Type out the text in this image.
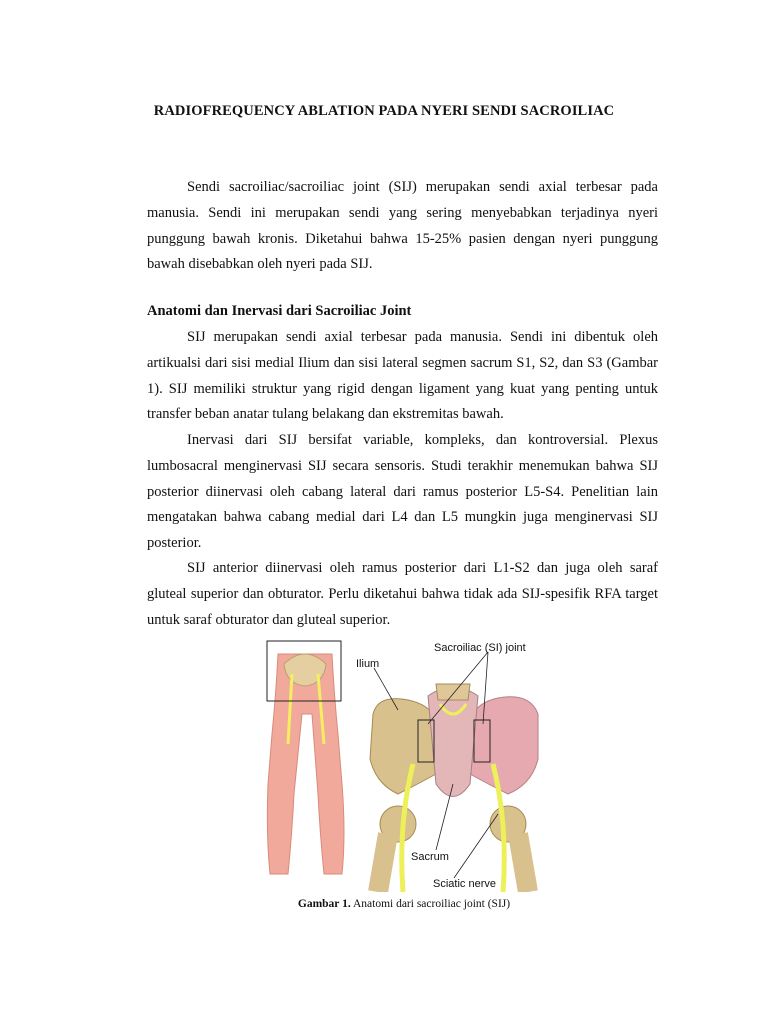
RADIOFREQUENCY ABLATION PADA NYERI SENDI SACROILIAC

Sendi sacroiliac/sacroiliac joint (SIJ) merupakan sendi axial terbesar pada manusia. Sendi ini merupakan sendi yang sering menyebabkan terjadinya nyeri punggung bawah kronis. Diketahui bahwa 15-25% pasien dengan nyeri punggung bawah disebabkan oleh nyeri pada SIJ.

Anatomi dan Inervasi dari Sacroiliac Joint

SIJ merupakan sendi axial terbesar pada manusia. Sendi ini dibentuk oleh artikualsi dari sisi medial Ilium dan sisi lateral segmen sacrum S1, S2, dan S3 (Gambar 1). SIJ memiliki struktur yang rigid dengan ligament yang kuat yang penting untuk transfer beban anatar tulang belakang dan ekstremitas bawah.

Inervasi dari SIJ bersifat variable, kompleks, dan kontroversial. Plexus lumbosacral menginervasi SIJ secara sensoris. Studi terakhir menemukan bahwa SIJ posterior diinervasi oleh cabang lateral dari ramus posterior L5-S4. Penelitian lain mengatakan bahwa cabang medial dari L4 dan L5 mungkin juga menginervasi SIJ posterior.

SIJ anterior diinervasi oleh ramus posterior dari L1-S2 dan juga oleh saraf gluteal superior dan obturator. Perlu diketahui bahwa tidak ada SIJ-spesifik RFA target untuk saraf obturator dan gluteal superior.

Sacroiliac (SI) joint
Ilium
Sacrum
Sciatic nerve
Gambar 1. Anatomi dari sacroiliac joint (SIJ)
